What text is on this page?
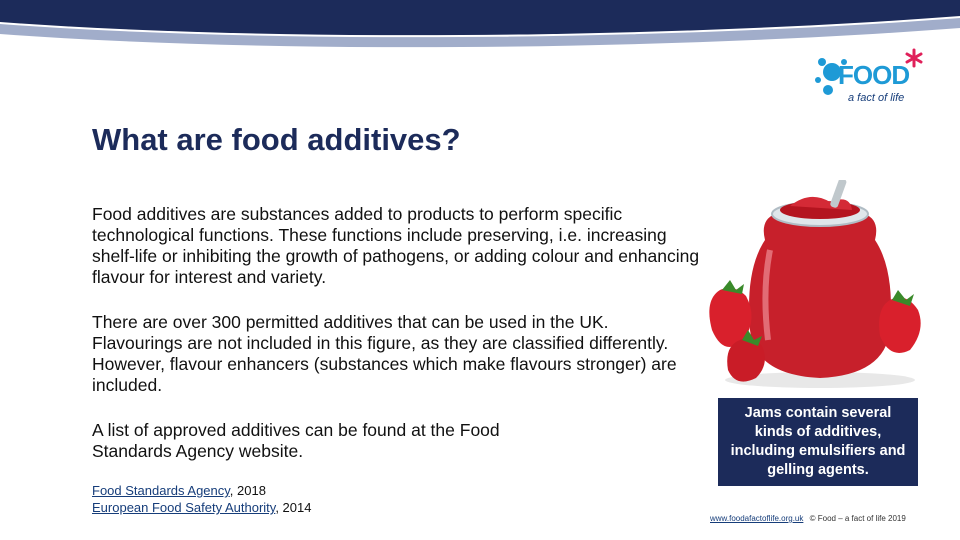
FOOD
a fact of life
What are food additives?
Food additives are substances added to products to perform specific technological functions. These functions include preserving, i.e. increasing shelf-life or inhibiting the growth of pathogens, or adding colour and enhancing flavour for interest and variety.
There are over 300 permitted additives that can be used in the UK. Flavourings are not included in this figure, as they are classified differently. However, flavour enhancers (substances which make flavours stronger) are included.
A list of approved additives can be found at the Food Standards Agency website.
Food Standards Agency, 2018
European Food Safety Authority, 2014
Jams contain several kinds of additives, including emulsifiers and gelling agents.
www.foodafactoflife.org.uk © Food – a fact of life 2019
